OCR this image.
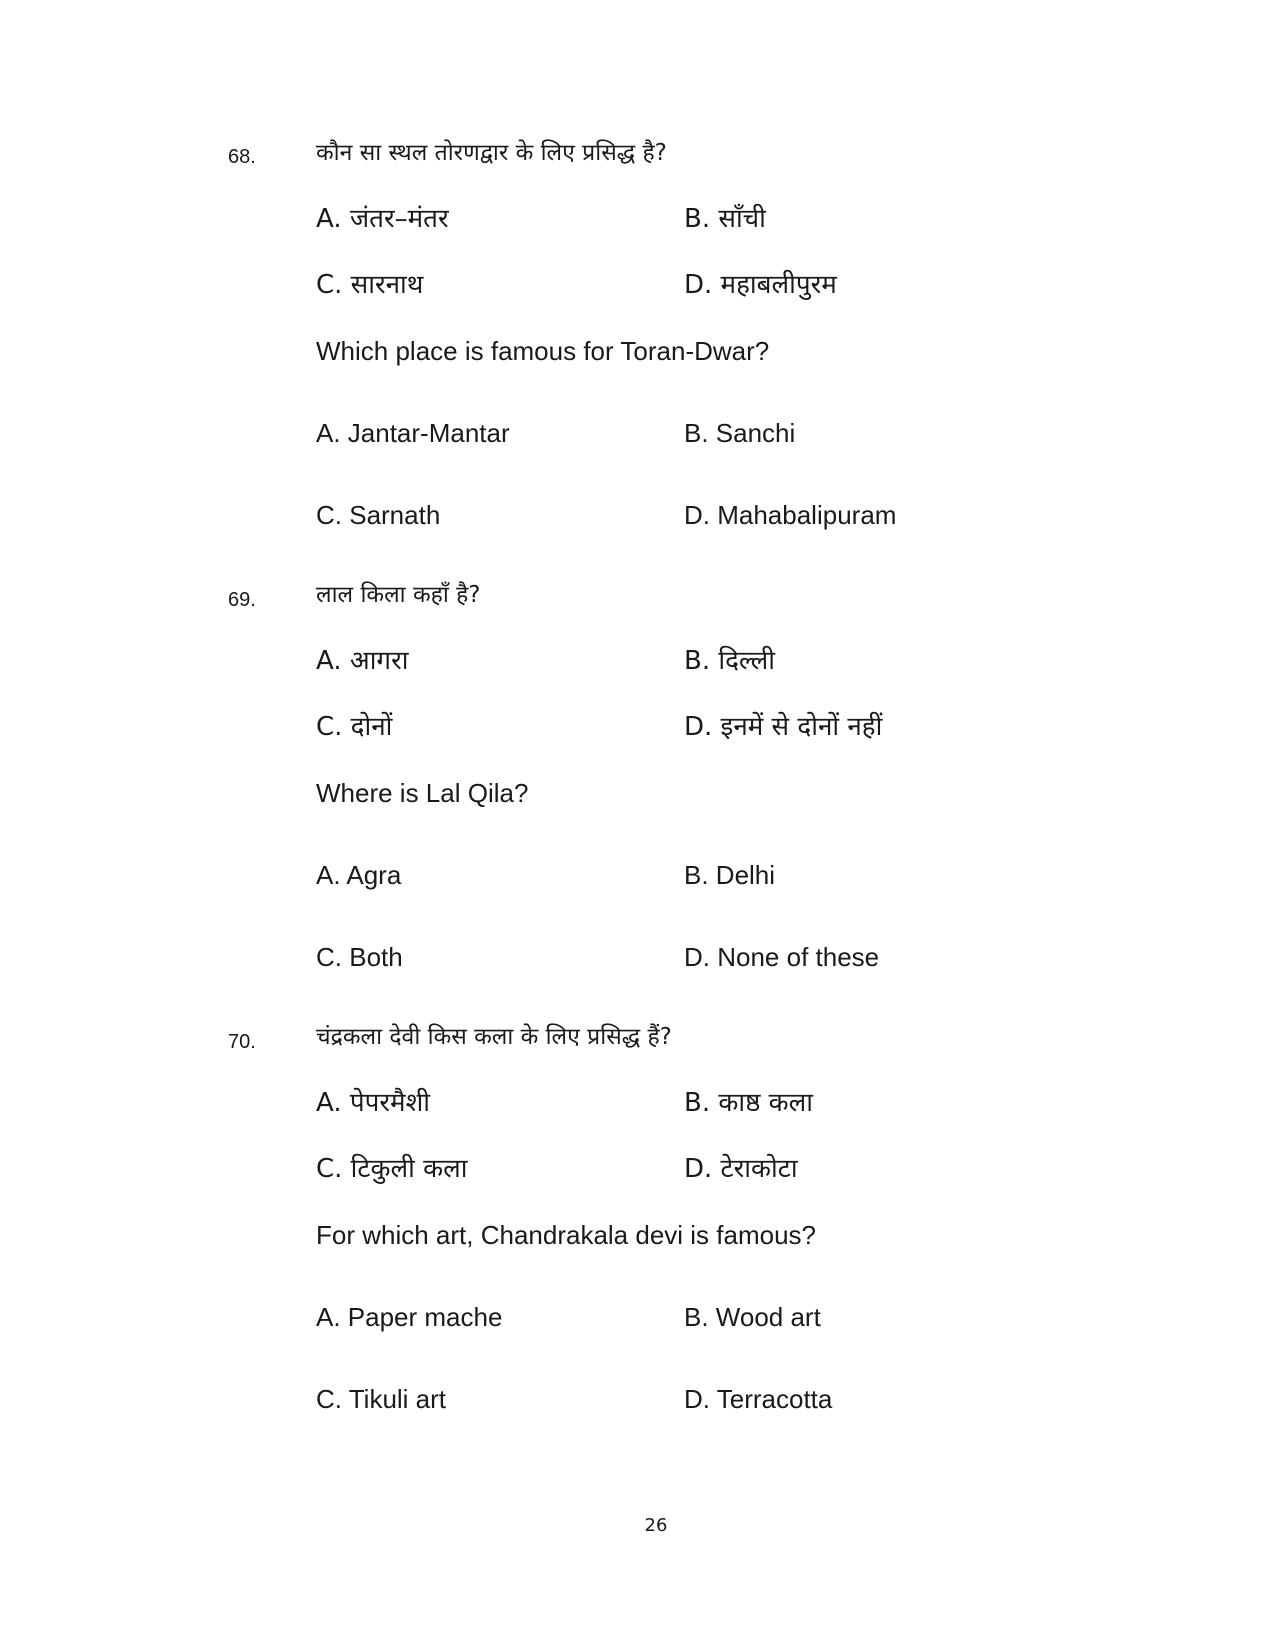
68.	कौन सा स्थल तोरणद्वार के लिए प्रसिद्ध है?
A. जंतर–मंतर	B. साँची
C. सारनाथ	D. महाबलीपुरम
Which place is famous for Toran-Dwar?
A. Jantar-Mantar	B. Sanchi
C. Sarnath	D. Mahabalipuram
69.	लाल किला कहाँ है?
A. आगरा	B. दिल्ली
C. दोनों	D. इनमें से दोनों नहीं
Where is Lal Qila?
A. Agra	B. Delhi
C. Both	D. None of these
70.	चंद्रकला देवी किस कला के लिए प्रसिद्ध हैं?
A. पेपरमैशी	B. काष्ठ कला
C. टिकुली कला	D. टेराकोटा
For which art, Chandrakala devi is famous?
A. Paper mache	B. Wood art
C. Tikuli art	D. Terracotta
26
